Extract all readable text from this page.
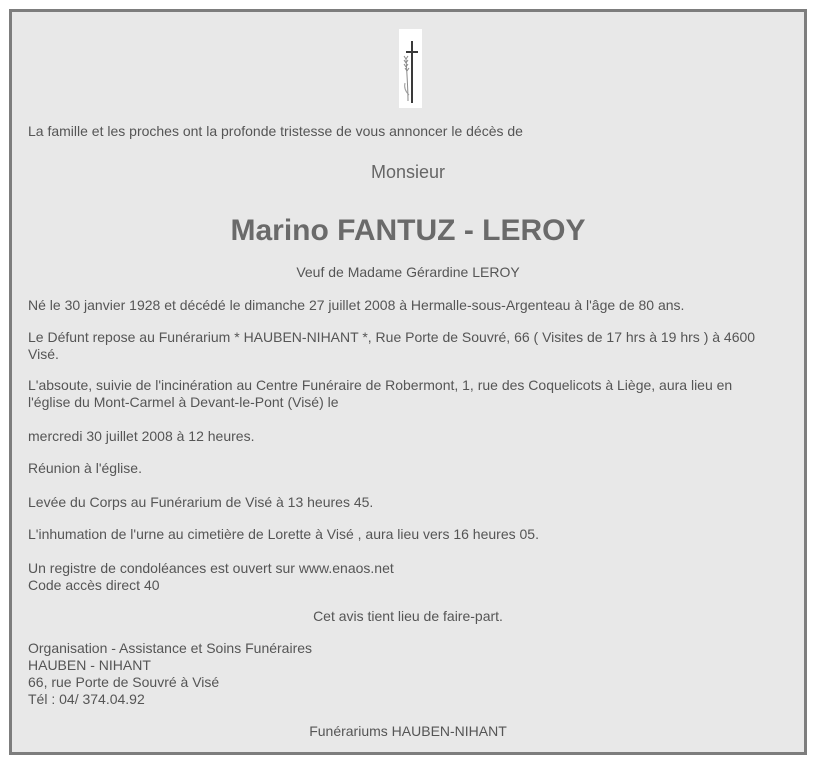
La famille et les proches ont la profonde tristesse de vous annoncer le décès de

Monsieur

Marino FANTUZ - LEROY

Veuf de Madame Gérardine LEROY

Né le 30 janvier 1928 et décédé le dimanche 27 juillet 2008 à Hermalle-sous-Argenteau à l'âge de 80 ans.

Le Défunt repose au Funérarium * HAUBEN-NIHANT *, Rue Porte de Souvré, 66 ( Visites de 17 hrs à 19 hrs ) à 4600

Visé.

L'absoute, suivie de l'incinération au Centre Funéraire de Robermont, 1, rue des Coquelicots à Liège, aura lieu en

l'église du Mont-Carmel à Devant-le-Pont (Visé) le

mercredi 30 juillet 2008 à 12 heures.

Réunion à l'église.

Levée du Corps au Funérarium de Visé à 13 heures 45.

L'inhumation de l'urne au cimetière de Lorette à Visé , aura lieu vers 16 heures 05.

Un registre de condoléances est ouvert sur www.enaos.net

Code accès direct 40

Cet avis tient lieu de faire-part.

Organisation - Assistance et Soins Funéraires

HAUBEN - NIHANT

66, rue Porte de Souvré à Visé

Tél : 04/ 374.04.92

Funérariums HAUBEN-NIHANT
